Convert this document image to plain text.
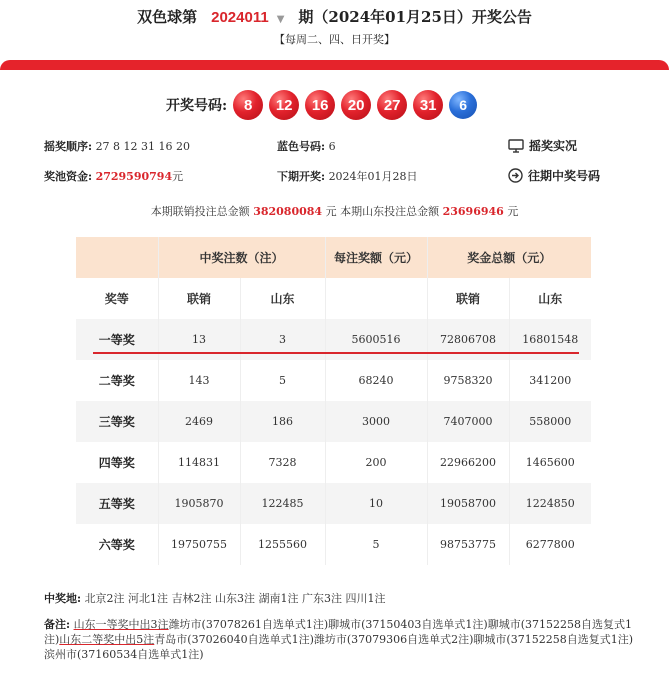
双色球第 2024011 ▼ 期（2024年01月25日）开奖公告
【每周二、四、日开奖】
开奖号码:	8	12	16	20	27	31	6
摇奖顺序: 27 8 12 31 16 20	蓝色号码: 6	摇奖实况
奖池资金: 2729590794元	下期开奖: 2024年01月28日	往期中奖号码
本期联销投注总金额 382080084 元 本期山东投注总金额 23696946 元
	中奖注数（注）		每注奖额（元）	奖金总额（元）	
奖等	联销	山东		联销	山东
一等奖	13	3	5600516	72806708	16801548
二等奖	143	5	68240	9758320	341200
三等奖	2469	186	3000	7407000	558000
四等奖	114831	7328	200	22966200	1465600
五等奖	1905870	122485	10	19058700	1224850
六等奖	19750755	1255560	5	98753775	6277800
中奖地: 北京2注 河北1注 吉林2注 山东3注 湖南1注 广东3注 四川1注
备注: 山东一等奖中出3注潍坊市(37078261自选单式1注)聊城市(37150403自选单式1注)聊城市(37152258自选复式1注)山东二等奖中出5注青岛市(37026040自选单式1注)潍坊市(37079306自选单式2注)聊城市(37152258自选复式1注)滨州市(37160534自选单式1注)
